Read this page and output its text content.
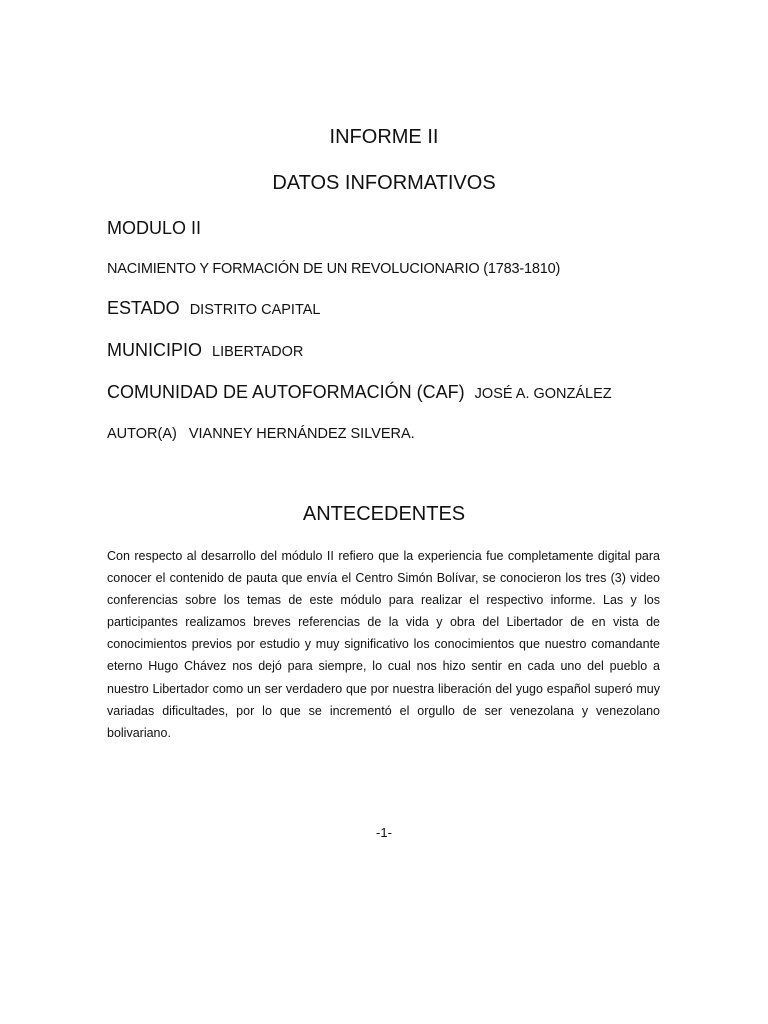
INFORME II
DATOS INFORMATIVOS
MODULO II
NACIMIENTO Y FORMACIÓN DE UN REVOLUCIONARIO (1783-1810)
ESTADO DISTRITO CAPITAL
MUNICIPIO LIBERTADOR
COMUNIDAD DE AUTOFORMACIÓN (CAF) JOSÉ A. GONZÁLEZ
AUTOR(A) VIANNEY HERNÁNDEZ SILVERA.
ANTECEDENTES
Con respecto al desarrollo del módulo II refiero que la experiencia fue completamente digital para conocer el contenido de pauta que envía el Centro Simón Bolívar, se conocieron los tres (3) video conferencias sobre los temas de este módulo para realizar el respectivo informe. Las y los participantes realizamos breves referencias de la vida y obra del Libertador de en vista de conocimientos previos por estudio y muy significativo los conocimientos que nuestro comandante eterno Hugo Chávez nos dejó para siempre, lo cual nos hizo sentir en cada uno del pueblo a nuestro Libertador como un ser verdadero que por nuestra liberación del yugo español superó muy variadas dificultades, por lo que se incrementó el orgullo de ser venezolana y venezolano bolivariano.
-1-
